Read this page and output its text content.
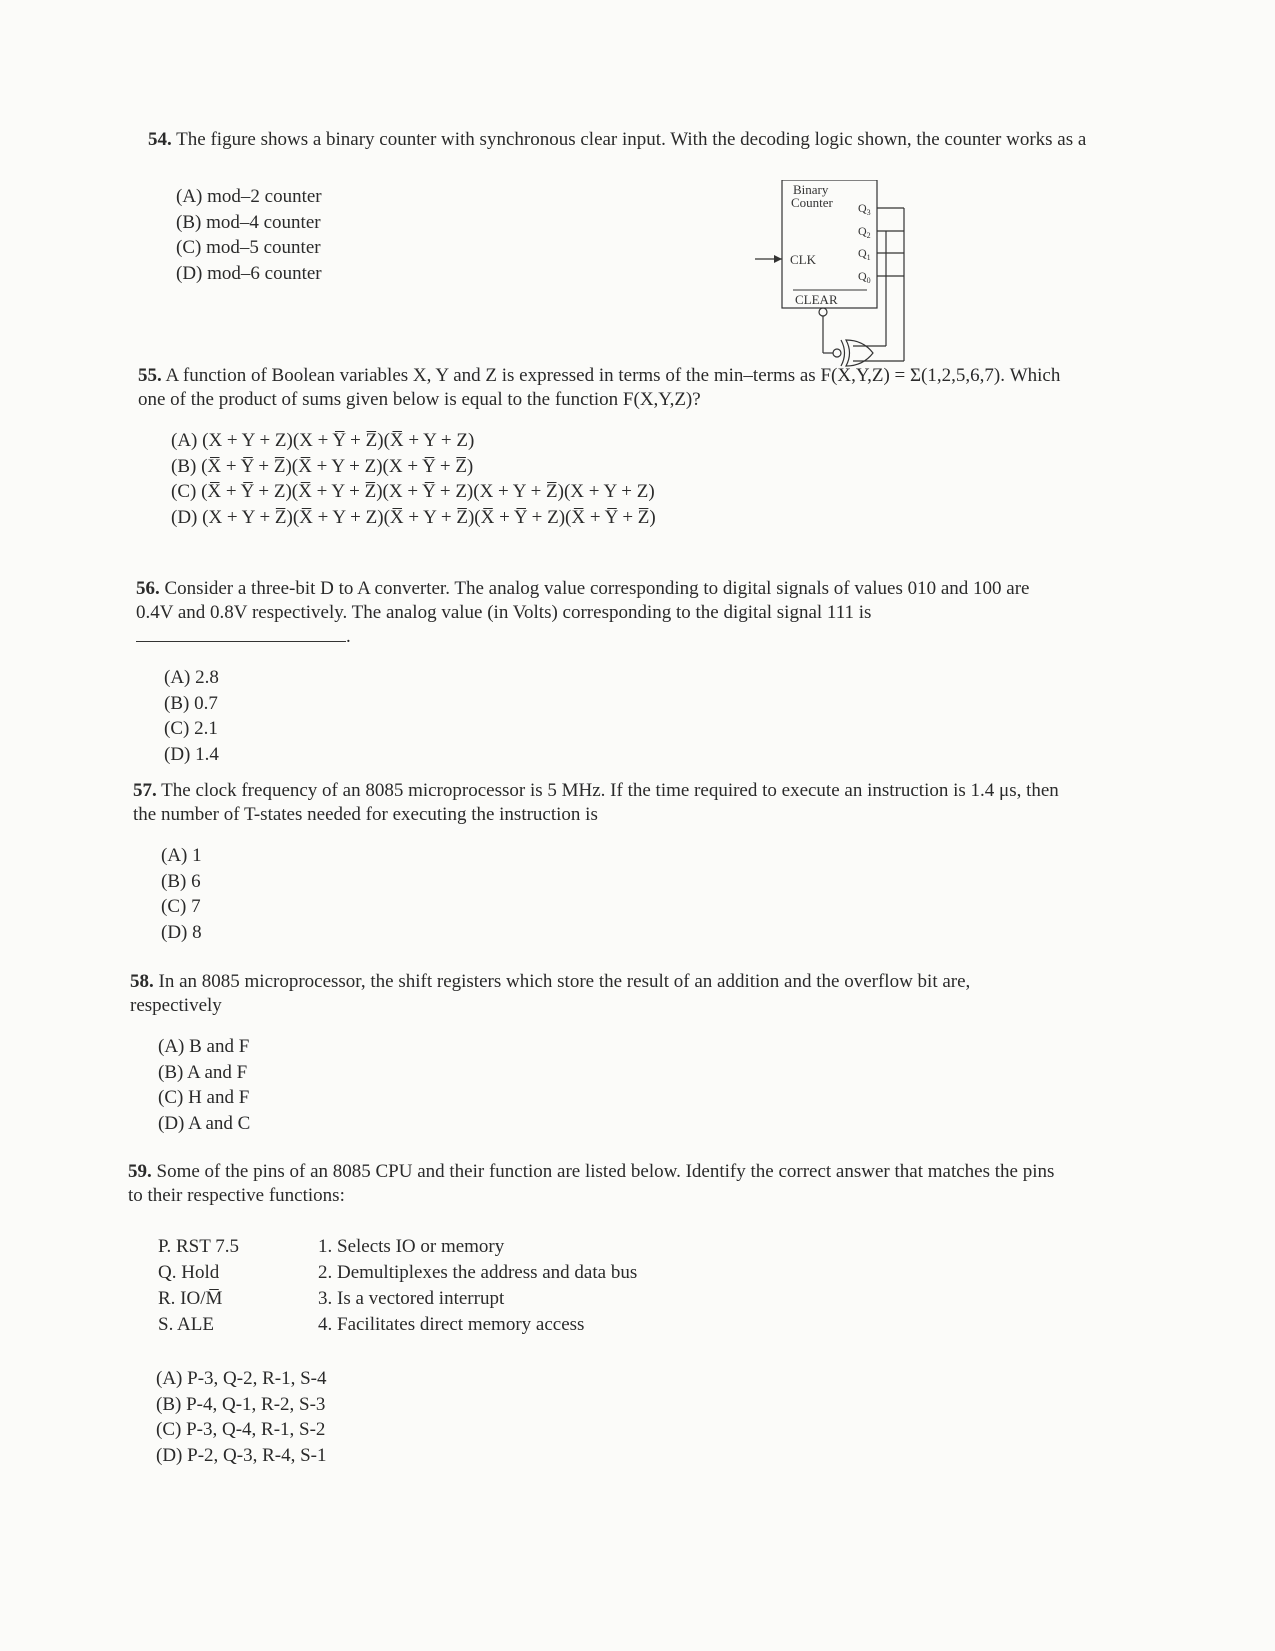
54. The figure shows a binary counter with synchronous clear input. With the decoding logic shown, the counter works as a
(A) mod–2 counter
(B) mod–4 counter
(C) mod–5 counter
(D) mod–6 counter
Binary
Counter $Q_3$
$Q_2$
$Q_1$
$Q_0$
CLK
CLEAR
55. A function of Boolean variables X, Y and Z is expressed in terms of the min–terms as F(X,Y,Z) = Σ(1,2,5,6,7). Which one of the product of sums given below is equal to the function F(X,Y,Z)?
(A) (X + Y + Z)(X + Y̅ + Z̅)(X̅ + Y + Z)
(B) (X̅ + Y̅ + Z̅)(X̅ + Y + Z)(X + Y̅ + Z̅)
(C) (X̅ + Y̅ + Z)(X̅ + Y + Z̅)(X + Y̅ + Z)(X + Y + Z̅)(X + Y + Z)
(D) (X + Y + Z̅)(X̅ + Y + Z)(X̅ + Y + Z̅)(X̅ + Y̅ + Z)(X̅ + Y̅ + Z̅)
56. Consider a three-bit D to A converter. The analog value corresponding to digital signals of values 010 and 100 are 0.4V and 0.8V respectively. The analog value (in Volts) corresponding to the digital signal 111 is .
(A) 2.8
(B) 0.7
(C) 2.1
(D) 1.4
57. The clock frequency of an 8085 microprocessor is 5 MHz. If the time required to execute an instruction is 1.4 μs, then the number of T-states needed for executing the instruction is
(A) 1
(B) 6
(C) 7
(D) 8
58. In an 8085 microprocessor, the shift registers which store the result of an addition and the overflow bit are, respectively
(A) B and F
(B) A and F
(C) H and F
(D) A and C
59. Some of the pins of an 8085 CPU and their function are listed below. Identify the correct answer that matches the pins to their respective functions:
P. RST 7.5
Q. Hold
R. IO/M̅
S. ALE
1. Selects IO or memory
2. Demultiplexes the address and data bus
3. Is a vectored interrupt
4. Facilitates direct memory access
(A) P-3, Q-2, R-1, S-4
(B) P-4, Q-1, R-2, S-3
(C) P-3, Q-4, R-1, S-2
(D) P-2, Q-3, R-4, S-1
